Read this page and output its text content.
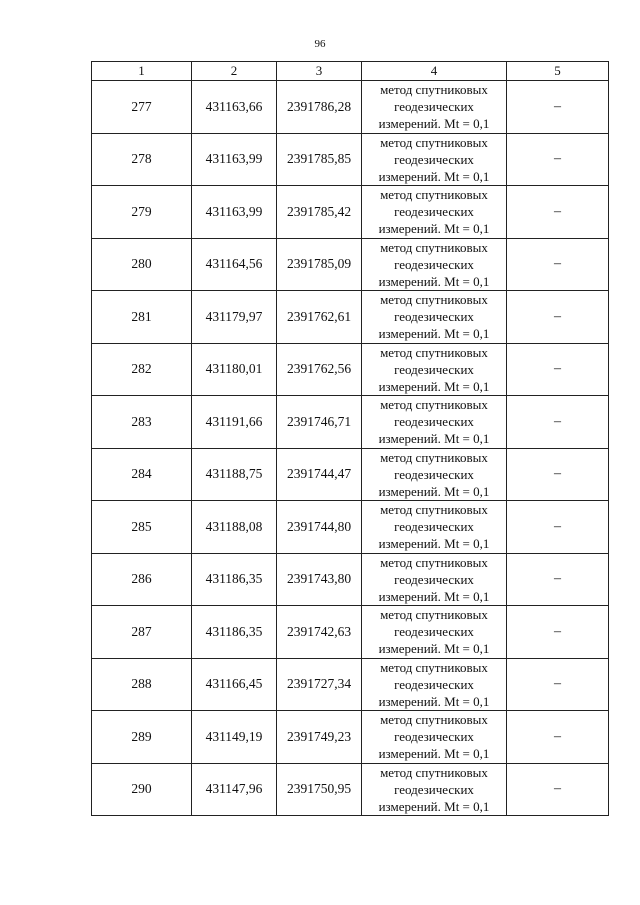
96
1	2	3	4	5
277	431163,66	2391786,28	метод спутниковых
геодезических
измерений. Mt = 0,1	–
278	431163,99	2391785,85	метод спутниковых
геодезических
измерений. Mt = 0,1	–
279	431163,99	2391785,42	метод спутниковых
геодезических
измерений. Mt = 0,1	–
280	431164,56	2391785,09	метод спутниковых
геодезических
измерений. Mt = 0,1	–
281	431179,97	2391762,61	метод спутниковых
геодезических
измерений. Mt = 0,1	–
282	431180,01	2391762,56	метод спутниковых
геодезических
измерений. Mt = 0,1	–
283	431191,66	2391746,71	метод спутниковых
геодезических
измерений. Mt = 0,1	–
284	431188,75	2391744,47	метод спутниковых
геодезических
измерений. Mt = 0,1	–
285	431188,08	2391744,80	метод спутниковых
геодезических
измерений. Mt = 0,1	–
286	431186,35	2391743,80	метод спутниковых
геодезических
измерений. Mt = 0,1	–
287	431186,35	2391742,63	метод спутниковых
геодезических
измерений. Mt = 0,1	–
288	431166,45	2391727,34	метод спутниковых
геодезических
измерений. Mt = 0,1	–
289	431149,19	2391749,23	метод спутниковых
геодезических
измерений. Mt = 0,1	–
290	431147,96	2391750,95	метод спутниковых
геодезических
измерений. Mt = 0,1	–
